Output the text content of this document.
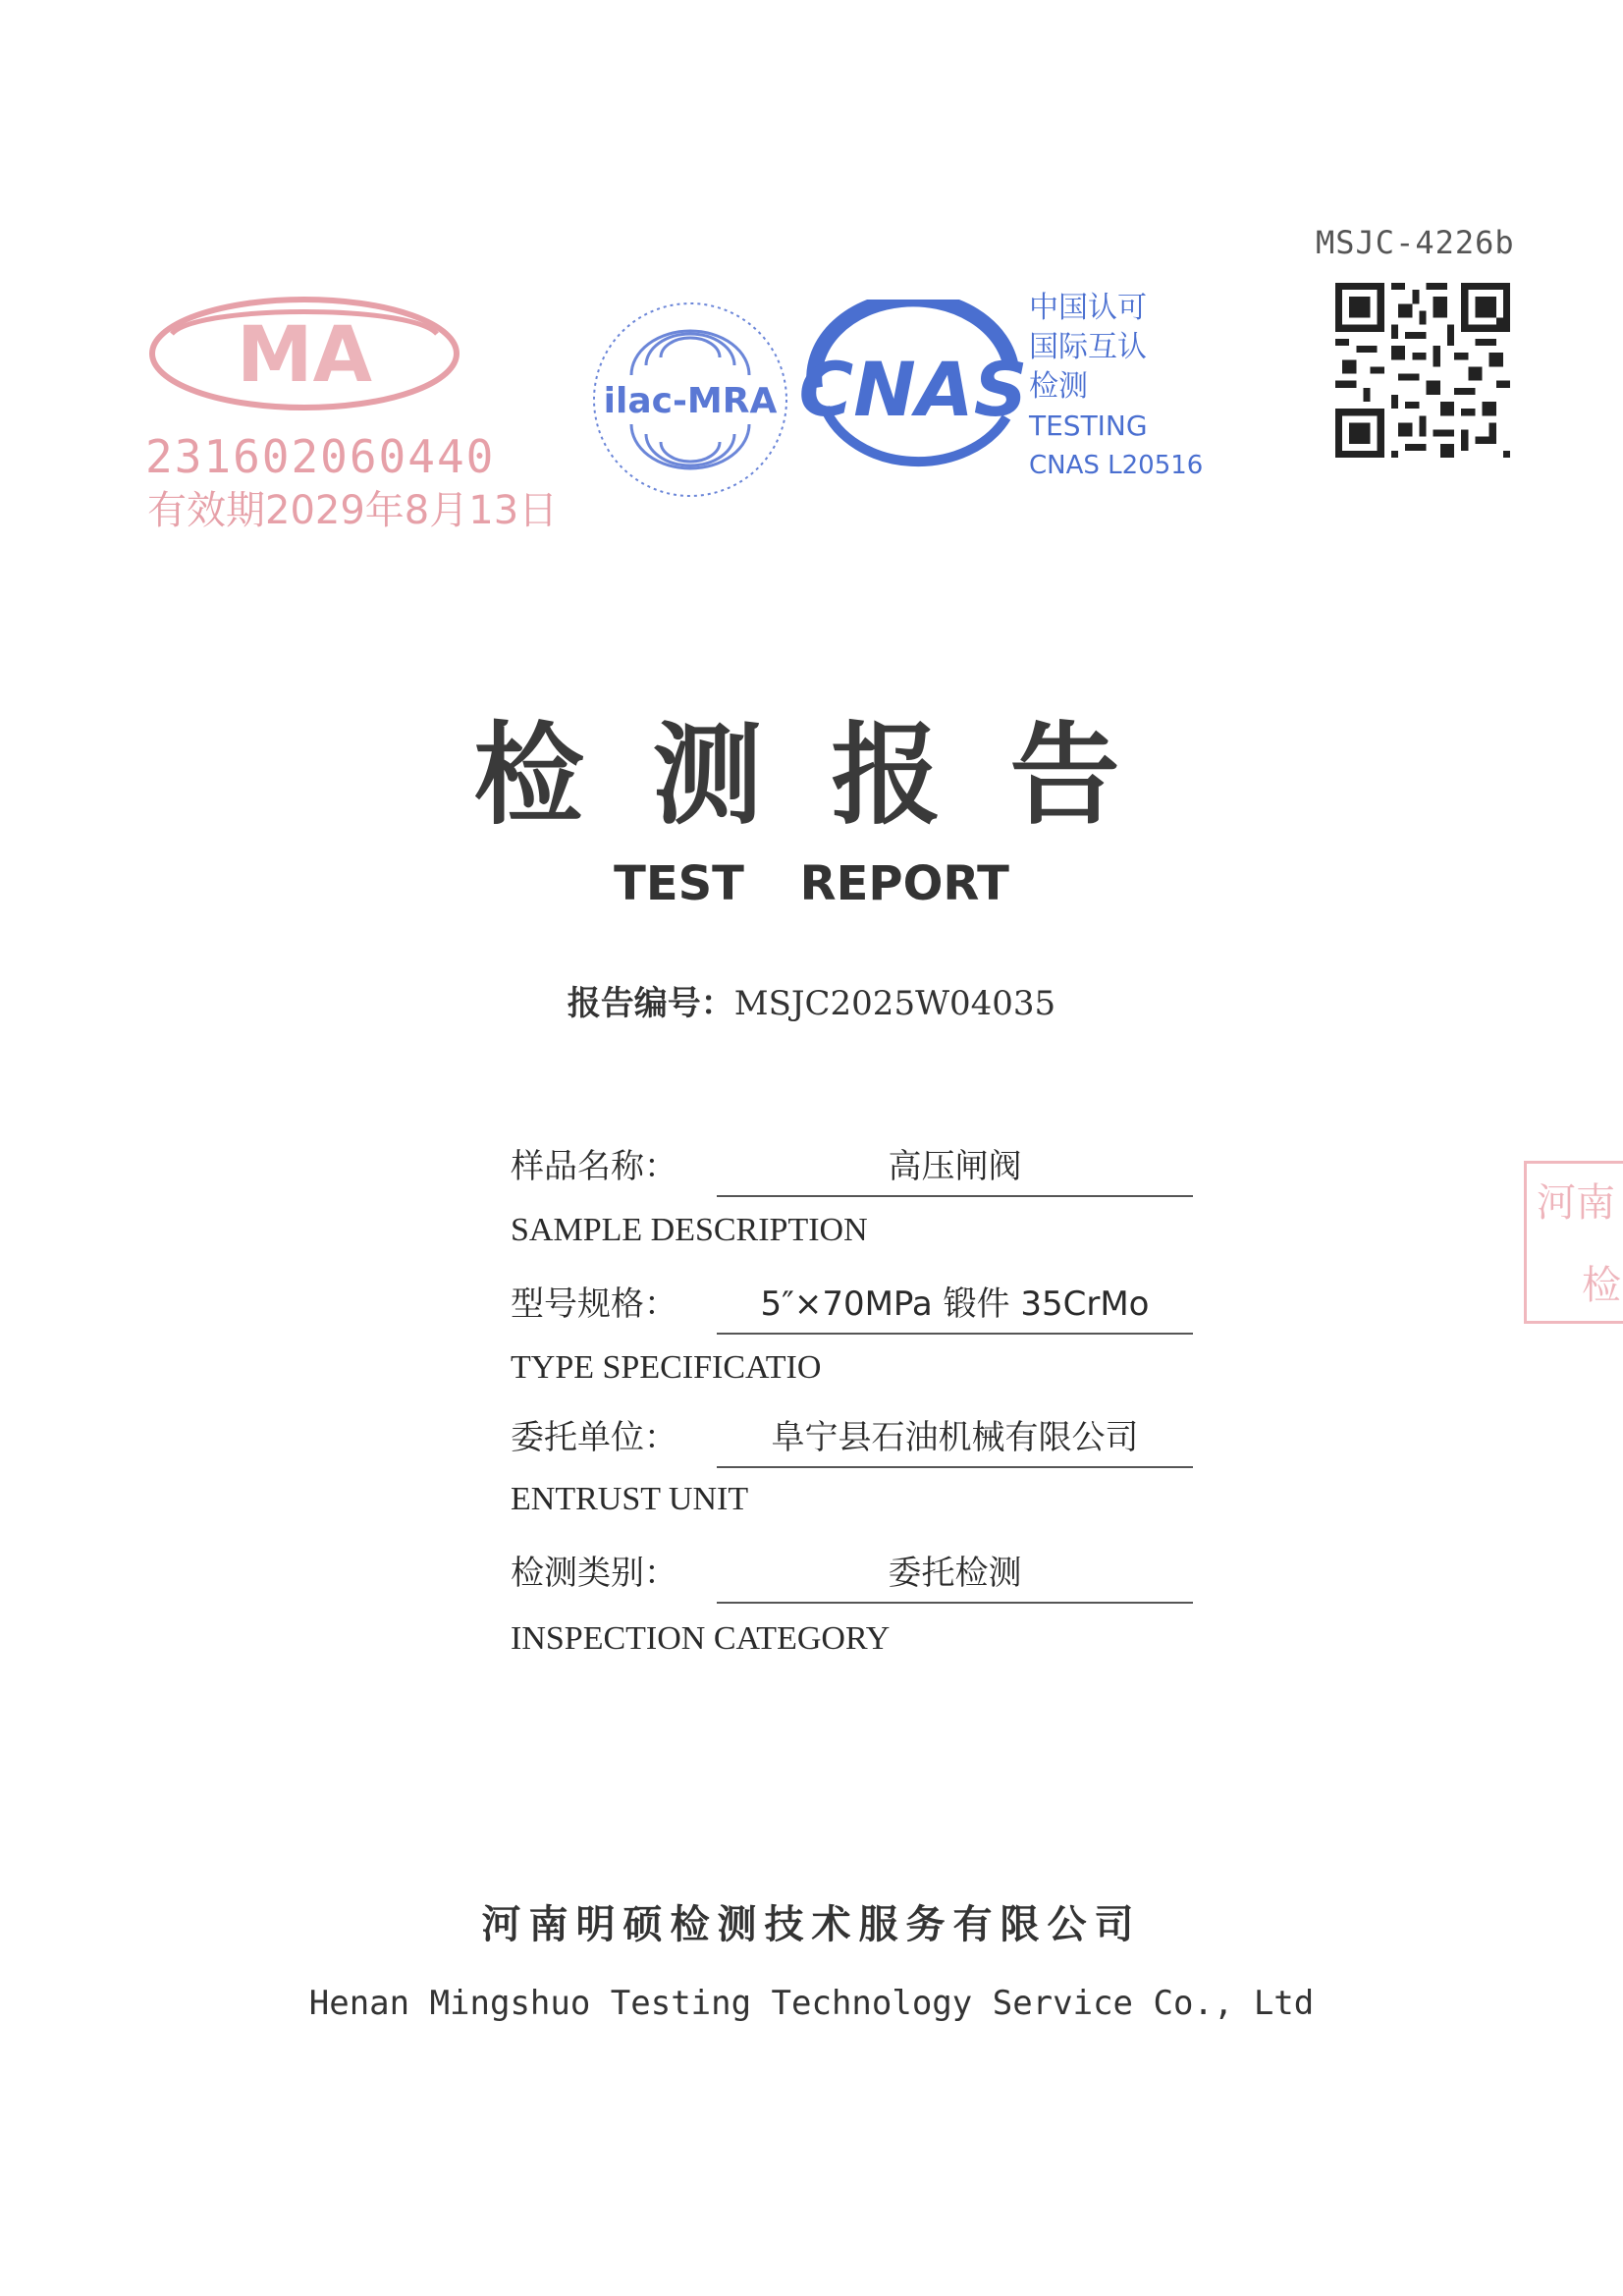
MSJC-4226b
MA
231602060440
有效期2029年8月13日
ilac-MRA CNAS
中国认可
国际互认
检测
TESTING
CNAS L20516
河南
检
检测报告
TEST REPORT
报告编号：MSJC2025W04035
样品名称：	高压闸阀
SAMPLE DESCRIPTION
型号规格：	5″×70MPa 锻件 35CrMo
TYPE SPECIFICATIO
委托单位：	阜宁县石油机械有限公司
ENTRUST UNIT
检测类别：	委托检测
INSPECTION CATEGORY
河南明硕检测技术服务有限公司
Henan Mingshuo Testing Technology Service Co., Ltd
